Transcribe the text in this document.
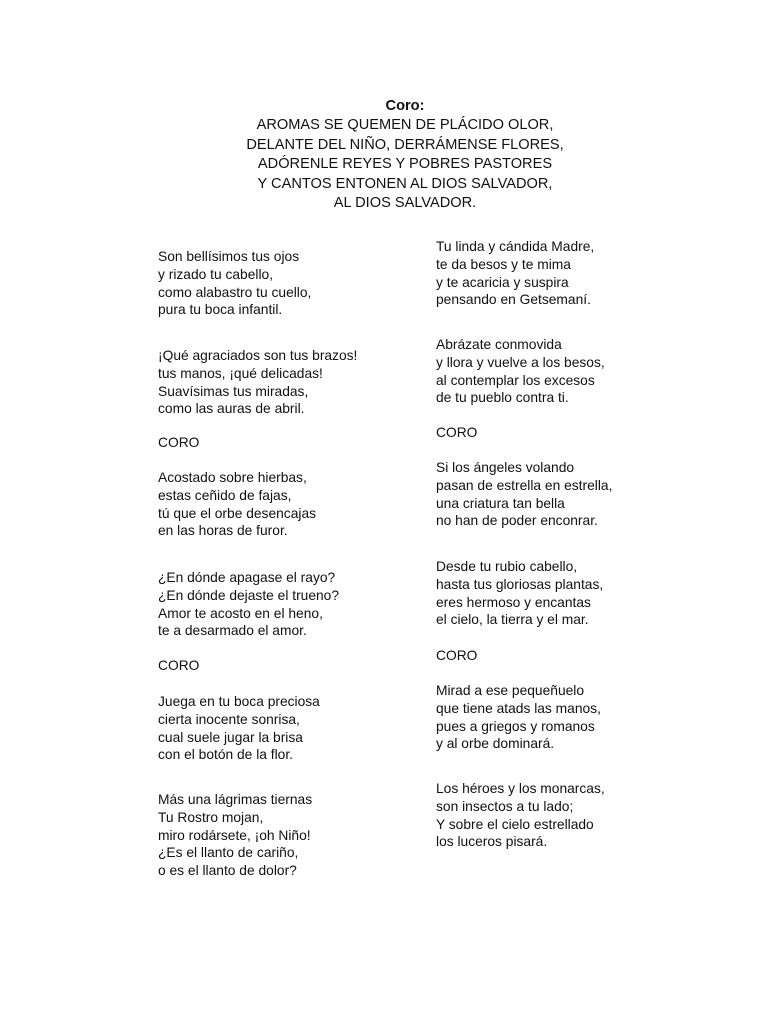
Coro:
AROMAS SE QUEMEN DE PLÁCIDO OLOR,
DELANTE DEL NIÑO, DERRÁMENSE FLORES,
ADÓRENLE REYES Y POBRES PASTORES
Y CANTOS ENTONEN AL DIOS SALVADOR,
AL DIOS SALVADOR.
Son bellísimos tus ojos
y rizado tu cabello,
como alabastro tu cuello,
pura tu boca infantil.
¡Qué agraciados son tus brazos!
tus manos, ¡qué delicadas!
Suavísimas tus miradas,
como las auras de abril.
CORO
Acostado sobre hierbas,
estas ceñido de fajas,
tú que el orbe desencajas
en las horas de furor.
¿En dónde apagase el rayo?
¿En dónde dejaste el trueno?
Amor te acosto en el heno,
te a desarmado el amor.
CORO
Juega en tu boca preciosa
cierta inocente sonrisa,
cual suele jugar la brisa
con el botón de la flor.
Más una lágrimas tiernas
Tu Rostro mojan,
miro rodársete, ¡oh Niño!
¿Es el llanto de cariño,
o es el llanto de dolor?
Tu linda y cándida Madre,
te da besos y te mima
y te acaricia y suspira
pensando en Getsemaní.
Abrázate conmovida
y llora y vuelve a los besos,
al contemplar los excesos
de tu pueblo contra ti.
CORO
Si los ángeles volando
pasan de estrella en estrella,
una criatura tan bella
no han de poder enconrar.
Desde tu rubio cabello,
hasta tus gloriosas plantas,
eres hermoso y encantas
el cielo, la tierra y el mar.
CORO
Mirad a ese pequeñuelo
que tiene atads las manos,
pues a griegos y romanos
y al orbe dominará.
Los héroes y los monarcas,
son insectos a tu lado;
Y sobre el cielo estrellado
los luceros pisará.
